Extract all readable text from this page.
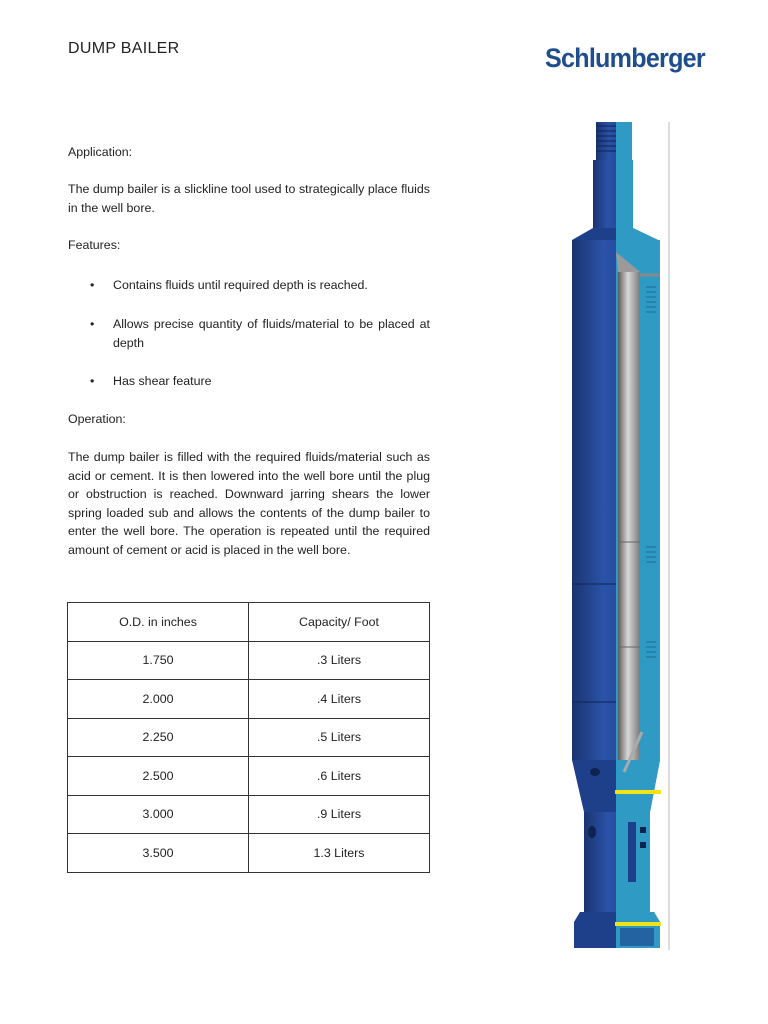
DUMP BAILER	Schlumberger
Application:
The dump bailer is a slickline tool used to strategically place fluids in the well bore.
Features:
• Contains fluids until required depth is reached.
• Allows precise quantity of fluids/material to be placed at depth
• Has shear feature
Operation:
The dump bailer is filled with the required fluids/material such as acid or cement. It is then lowered into the well bore until the plug or obstruction is reached. Downward jarring shears the lower spring loaded sub and allows the contents of the dump bailer to enter the well bore. The operation is repeated until the required amount of cement or acid is placed in the well bore.
O.D. in inches	Capacity/ Foot
1.750	.3 Liters
2.000	.4 Liters
2.250	.5 Liters
2.500	.6 Liters
3.000	.9 Liters
3.500	1.3 Liters
